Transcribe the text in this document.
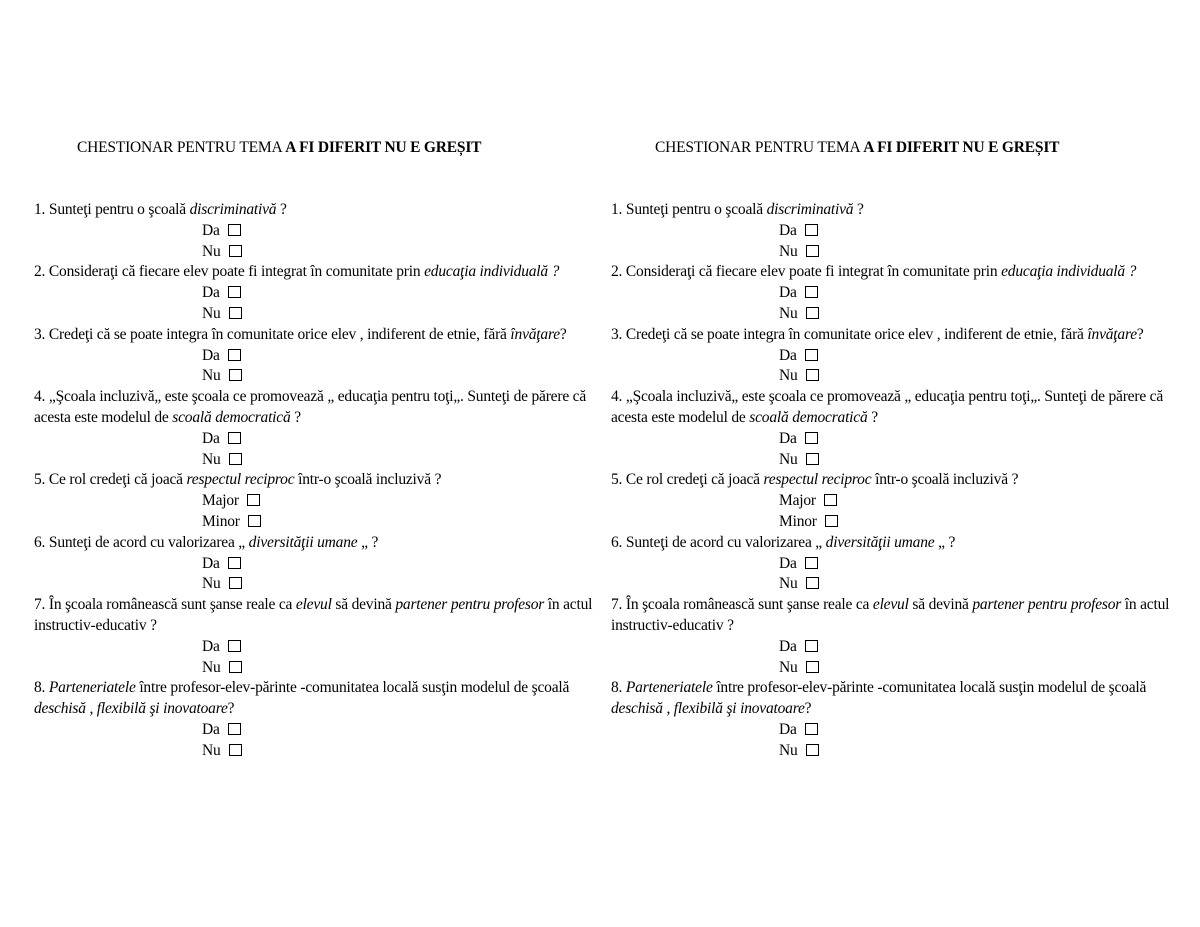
CHESTIONAR PENTRU TEMA A FI DIFERIT NU E GREȘIT
1. Sunteţi pentru o şcoală discriminativă ?
Da
Nu
2. Consideraţi că fiecare elev poate fi integrat în comunitate prin educaţia individuală ?
Da
Nu
3. Credeţi că se poate integra în comunitate orice elev , indiferent de etnie, fără învăţare?
Da
Nu
4. „Şcoala incluzivă„ este şcoala ce promovează „ educaţia pentru toţi„. Sunteţi de părere că acesta este modelul de scoală democratică ?
Da
Nu
5. Ce rol credeţi că joacă respectul reciproc într-o şcoală incluzivă ?
Major
Minor
6. Sunteţi de acord cu valorizarea „ diversităţii umane „ ?
Da
Nu
7. În şcoala românească sunt şanse reale ca elevul să devină partener pentru profesor în actul instructiv-educativ ?
Da
Nu
8. Parteneriatele între profesor-elev-părinte -comunitatea locală susţin modelul de şcoală deschisă , flexibilă şi inovatoare?
Da
Nu
CHESTIONAR PENTRU TEMA A FI DIFERIT NU E GREȘIT
1. Sunteţi pentru o şcoală discriminativă ?
Da
Nu
2. Consideraţi că fiecare elev poate fi integrat în comunitate prin educaţia individuală ?
Da
Nu
3. Credeţi că se poate integra în comunitate orice elev , indiferent de etnie, fără învăţare?
Da
Nu
4. „Şcoala incluzivă„ este şcoala ce promovează „ educaţia pentru toţi„. Sunteţi de părere că acesta este modelul de scoală democratică ?
Da
Nu
5. Ce rol credeţi că joacă respectul reciproc într-o şcoală incluzivă ?
Major
Minor
6. Sunteţi de acord cu valorizarea „ diversităţii umane „ ?
Da
Nu
7. În şcoala românească sunt şanse reale ca elevul să devină partener pentru profesor în actul instructiv-educativ ?
Da
Nu
8. Parteneriatele între profesor-elev-părinte -comunitatea locală susţin modelul de şcoală deschisă , flexibilă şi inovatoare?
Da
Nu
